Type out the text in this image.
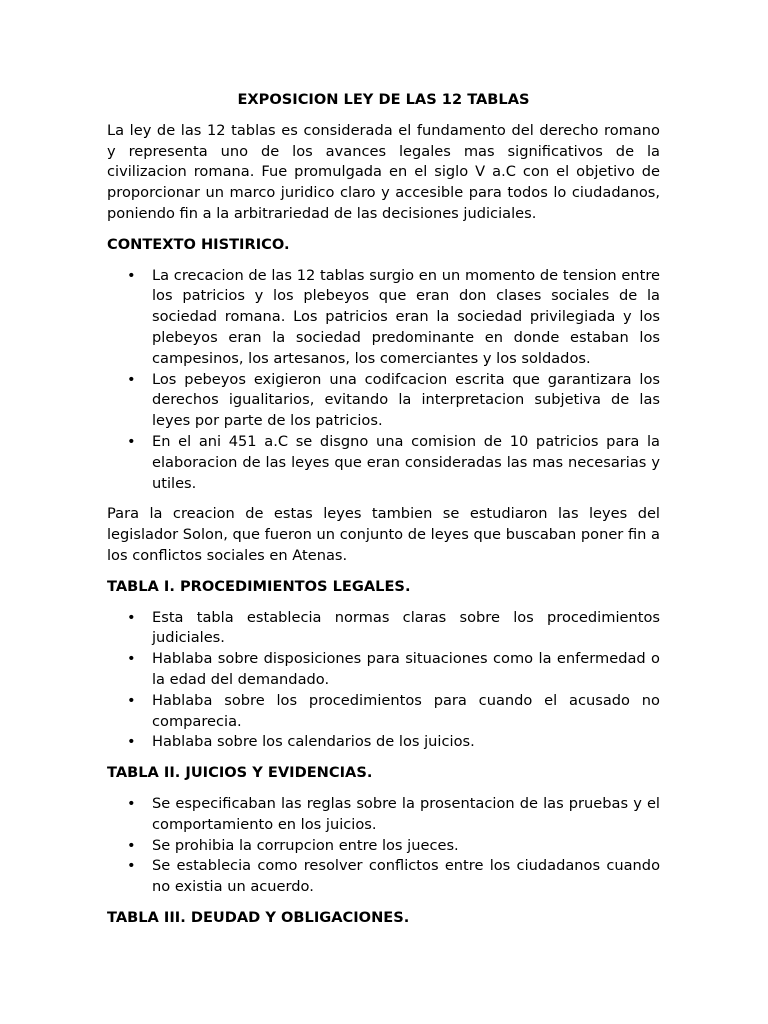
EXPOSICION LEY DE LAS 12 TABLAS

La ley de las 12 tablas es considerada el fundamento del derecho romano y representa uno de los avances legales mas significativos de la civilizacion romana. Fue promulgada en el siglo V a.C con el objetivo de proporcionar un marco juridico claro y accesible para todos lo ciudadanos, poniendo fin a la arbitrariedad de las decisiones judiciales.

CONTEXTO HISTIRICO.
• La crecacion de las 12 tablas surgio en un momento de tension entre los patricios y los plebeyos que eran don clases sociales de la sociedad romana. Los patricios eran la sociedad privilegiada y los plebeyos eran la sociedad predominante en donde estaban los campesinos, los artesanos, los comerciantes y los soldados.
• Los pebeyos exigieron una codifcacion escrita que garantizara los derechos igualitarios, evitando la interpretacion subjetiva de las leyes por parte de los patricios.
• En el ani 451 a.C se disgno una comision de 10 patricios para la elaboracion de las leyes que eran consideradas las mas necesarias y utiles.

Para la creacion de estas leyes tambien se estudiaron las leyes del legislador Solon, que fueron un conjunto de leyes que buscaban poner fin a los conflictos sociales en Atenas.

TABLA I. PROCEDIMIENTOS LEGALES.
• Esta tabla establecia normas claras sobre los procedimientos judiciales.
• Hablaba sobre disposiciones para situaciones como la enfermedad o la edad del demandado.
• Hablaba sobre los procedimientos para cuando el acusado no comparecia.
• Hablaba sobre los calendarios de los juicios.
TABLA II. JUICIOS Y EVIDENCIAS.
• Se especificaban las reglas sobre la prosentacion de las pruebas y el comportamiento en los juicios.
• Se prohibia la corrupcion entre los jueces.
• Se establecia como resolver conflictos entre los ciudadanos cuando no existia un acuerdo.
TABLA III. DEUDAD Y OBLIGACIONES.
